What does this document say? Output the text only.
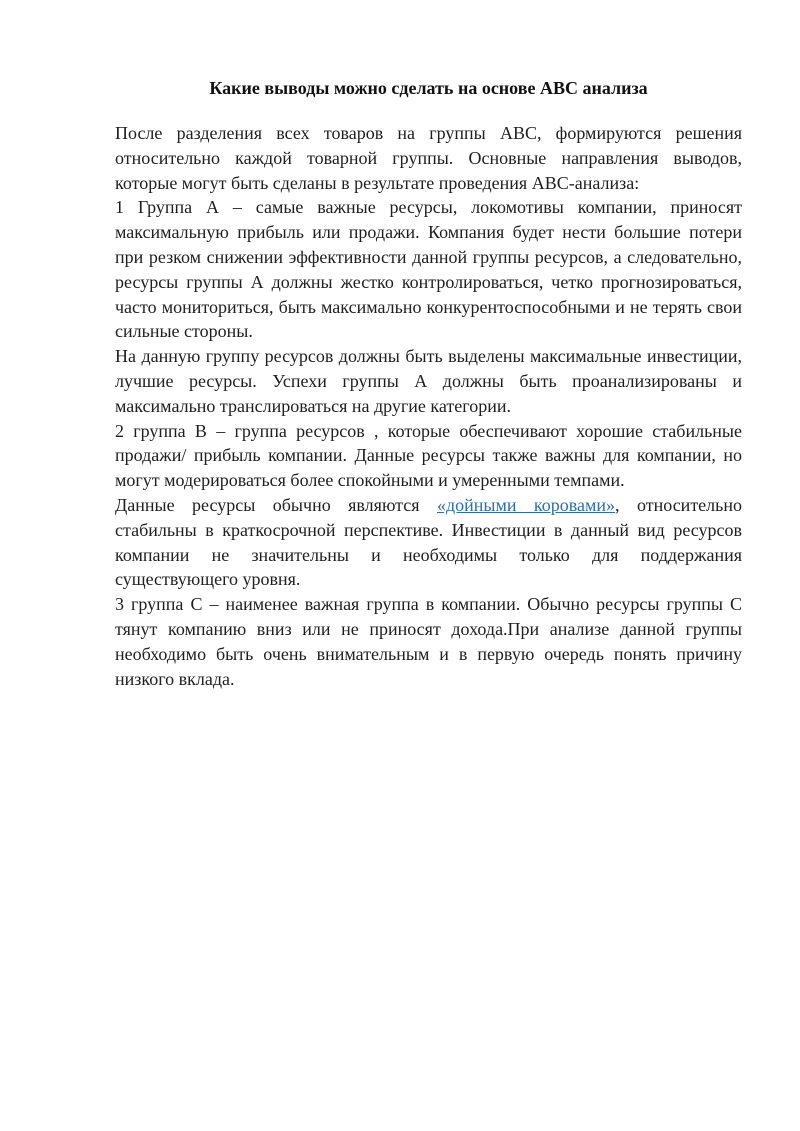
Какие выводы можно сделать на основе ABC анализа

После разделения всех товаров на группы ABC, формируются решения относительно каждой товарной группы. Основные направления выводов, которые могут быть сделаны в результате проведения ABC-анализа:

1 Группа А – самые важные ресурсы, локомотивы компании, приносят максимальную прибыль или продажи. Компания будет нести большие потери при резком снижении эффективности данной группы ресурсов, а следовательно, ресурсы группы А должны жестко контролироваться, четко прогнозироваться, часто мониториться, быть максимально конкурентоспособными и не терять свои сильные стороны.

На данную группу ресурсов должны быть выделены максимальные инвестиции, лучшие ресурсы. Успехи группы А должны быть проанализированы и максимально транслироваться на другие категории.

2 группа В – группа ресурсов , которые обеспечивают хорошие стабильные продажи/ прибыль компании. Данные ресурсы также важны для компании, но могут модерироваться более спокойными и умеренными темпами.

Данные ресурсы обычно являются «дойными коровами», относительно стабильны в краткосрочной перспективе. Инвестиции в данный вид ресурсов компании не значительны и необходимы только для поддержания существующего уровня.

3 группа С – наименее важная группа в компании. Обычно ресурсы группы С тянут компанию вниз или не приносят дохода.При анализе данной группы необходимо быть очень внимательным и в первую очередь понять причину низкого вклада.
